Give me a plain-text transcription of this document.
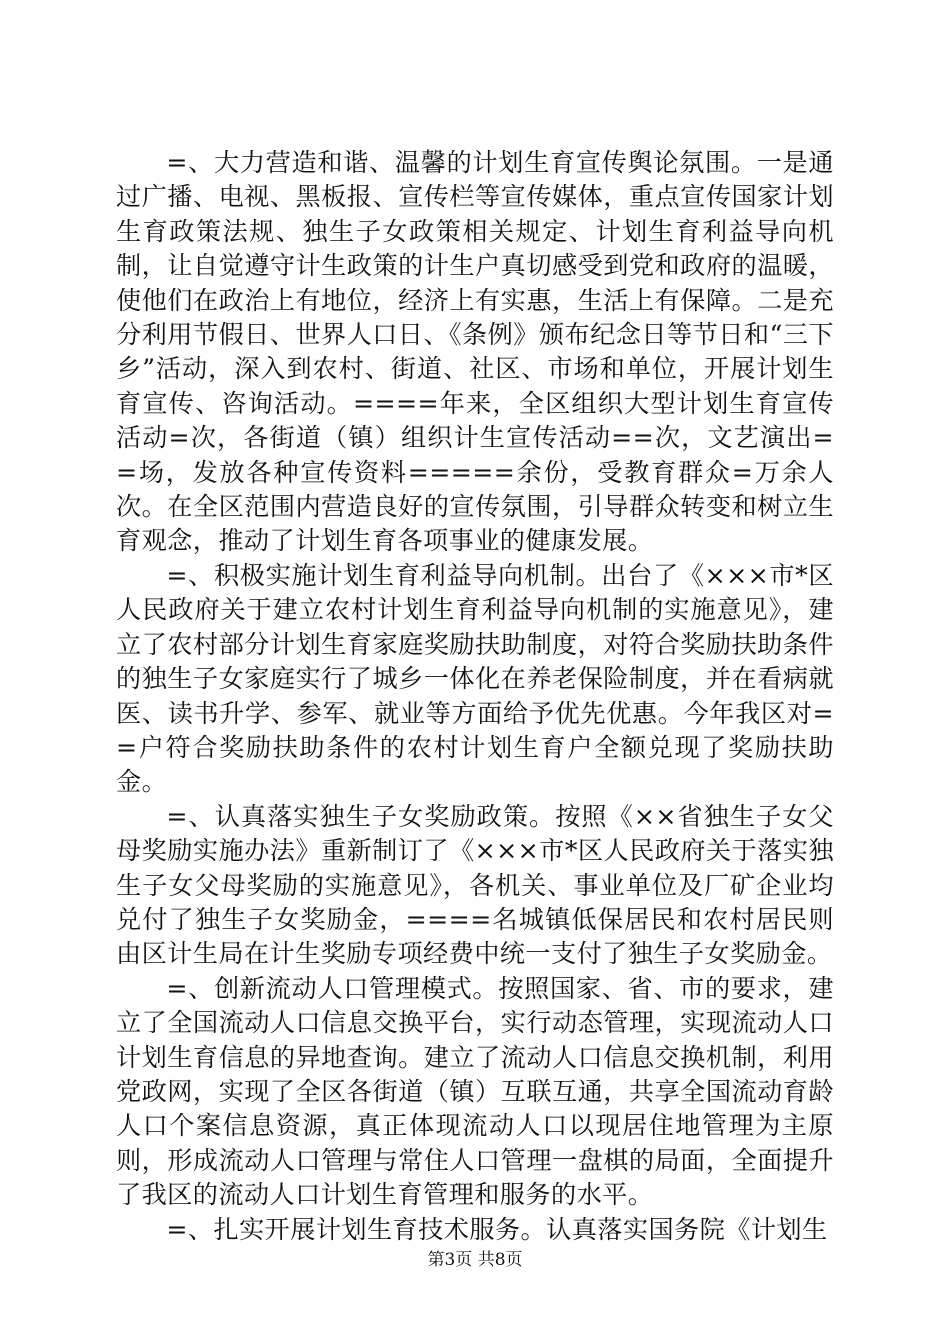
=、大力营造和谐、温馨的计划生育宣传舆论氛围。一是通过广播、电视、黑板报、宣传栏等宣传媒体，重点宣传国家计划生育政策法规、独生子女政策相关规定、计划生育利益导向机制，让自觉遵守计生政策的计生户真切感受到党和政府的温暖，使他们在政治上有地位，经济上有实惠，生活上有保障。二是充分利用节假日、世界人口日、《条例》颁布纪念日等节日和“三下乡”活动，深入到农村、街道、社区、市场和单位，开展计划生育宣传、咨询活动。====年来，全区组织大型计划生育宣传活动=次，各街道（镇）组织计生宣传活动==次，文艺演出==场，发放各种宣传资料=====余份，受教育群众=万余人次。在全区范围内营造良好的宣传氛围，引导群众转变和树立生育观念，推动了计划生育各项事业的健康发展。

=、积极实施计划生育利益导向机制。出台了《×××市*区人民政府关于建立农村计划生育利益导向机制的实施意见》，建立了农村部分计划生育家庭奖励扶助制度，对符合奖励扶助条件的独生子女家庭实行了城乡一体化在养老保险制度，并在看病就医、读书升学、参军、就业等方面给予优先优惠。今年我区对==户符合奖励扶助条件的农村计划生育户全额兑现了奖励扶助金。

=、认真落实独生子女奖励政策。按照《××省独生子女父母奖励实施办法》重新制订了《×××市*区人民政府关于落实独生子女父母奖励的实施意见》，各机关、事业单位及厂矿企业均兑付了独生子女奖励金，====名城镇低保居民和农村居民则由区计生局在计生奖励专项经费中统一支付了独生子女奖励金。

=、创新流动人口管理模式。按照国家、省、市的要求，建立了全国流动人口信息交换平台，实行动态管理，实现流动人口计划生育信息的异地查询。建立了流动人口信息交换机制，利用党政网，实现了全区各街道（镇）互联互通，共享全国流动育龄人口个案信息资源，真正体现流动人口以现居住地管理为主原则，形成流动人口管理与常住人口管理一盘棋的局面，全面提升了我区的流动人口计划生育管理和服务的水平。

=、扎实开展计划生育技术服务。认真落实国务院《计划生

第3页 共8页
